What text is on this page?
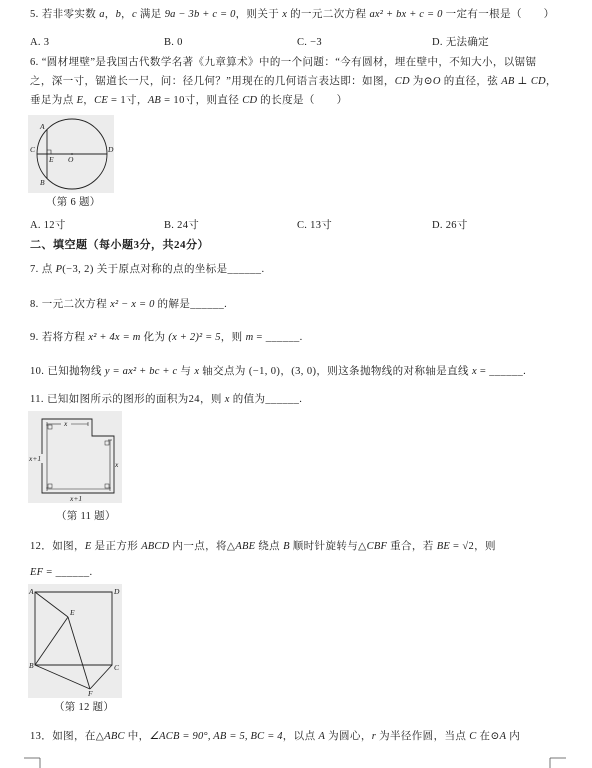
5. 若非零实数 a，b，c 满足 9a − 3b + c = 0，则关于 x 的一元二次方程 ax² + bx + c = 0 一定有一根是（　　）
A. 3	B. 0	C. −3	D. 无法确定
6. “圆材埋壁”是我国古代数学名著《九章算术》中的一个问题：“今有圆材，埋在壁中，不知大小，以锯锯
之，深一寸，锯道长一尺，问：径几何？”用现在的几何语言表达即：如图，CD 为⊙O 的直径，弦 AB ⊥ CD，
垂足为点 E，CE = 1寸，AB = 10寸，则直径 CD 的长度是（　　）
A
C
E O
D
B
（第 6 题）
A. 12寸	B. 24寸	C. 13寸	D. 26寸
二、填空题（每小题3分，共24分）
7. 点 P(−3, 2) 关于原点对称的点的坐标是______.
8. 一元二次方程 x² − x = 0 的解是______.
9. 若将方程 x² + 4x = m 化为 (x + 2)² = 5，则 m = ______.
10. 已知抛物线 y = ax² + bc + c 与 x 轴交点为 (−1, 0)，(3, 0)，则这条抛物线的对称轴是直线 x = ______.
11. 已知如图所示的图形的面积为24，则 x 的值为______.
x
x+1
x
x+1
（第 11 题）
12．如图，E 是正方形 ABCD 内一点，将△ABE 绕点 B 顺时针旋转与△CBF 重合，若 BE = √2，则
EF = ______.
A	D
E
B	C
F
（第 12 题）
13．如图，在△ABC 中，∠ACB = 90°, AB = 5, BC = 4，以点 A 为圆心，r 为半径作圆，当点 C 在⊙A 内
